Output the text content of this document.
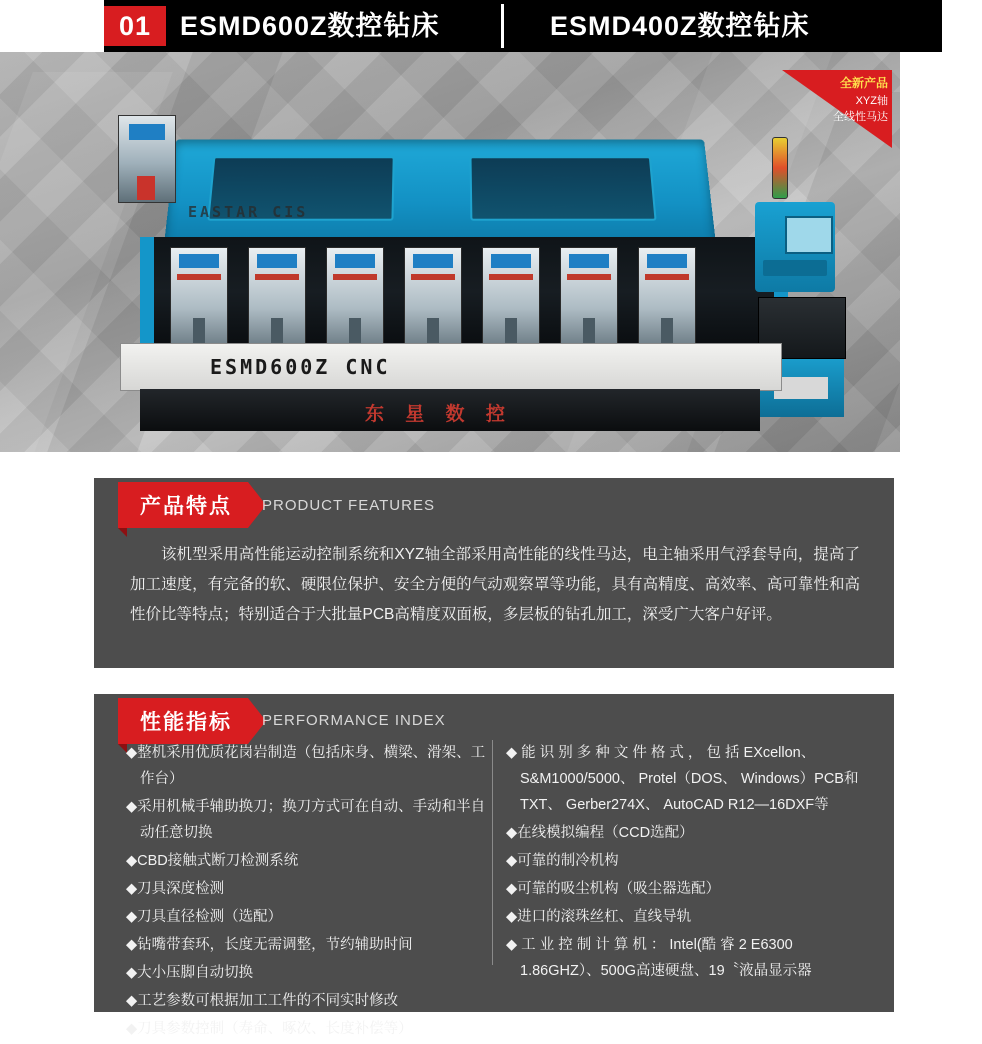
01	ESMD600Z数控钻床	ESMD400Z数控钻床
EASTAR CIS
ESMD600Z CNC
东 星 数 控
全新产品
XYZ轴
全线性马达
产品特点	PRODUCT FEATURES
该机型采用高性能运动控制系统和XYZ轴全部采用高性能的线性马达，电主轴采用气浮套导向，提高了加工速度，有完备的软、硬限位保护、安全方便的气动观察罩等功能，具有高精度、高效率、高可靠性和高性价比等特点；特别适合于大批量PCB高精度双面板，多层板的钻孔加工，深受广大客户好评。
性能指标	PERFORMANCE INDEX
◆整机采用优质花岗岩制造（包括床身、横梁、滑架、工作台）
◆采用机械手辅助换刀；换刀方式可在自动、手动和半自动任意切换
◆CBD接触式断刀检测系统
◆刀具深度检测
◆刀具直径检测（选配）
◆钻嘴带套环，长度无需调整，节约辅助时间
◆大小压脚自动切换
◆工艺参数可根据加工工件的不同实时修改
◆刀具参数控制（寿命、啄次、长度补偿等）
◆ 能 识 别 多 种 文 件 格 式 ， 包 括 EXcellon、S&M1000/5000、 Protel（DOS、 Windows）PCB和 TXT、 Gerber274X、 AutoCAD R12—16DXF等
◆在线模拟编程（CCD选配）
◆可靠的制冷机构
◆可靠的吸尘机构（吸尘器选配）
◆进口的滚珠丝杠、直线导轨
◆ 工 业 控 制 计 算 机 ： Intel(酷 睿 2 E6300 1.86GHZ）、500G高速硬盘、19〝液晶显示器
